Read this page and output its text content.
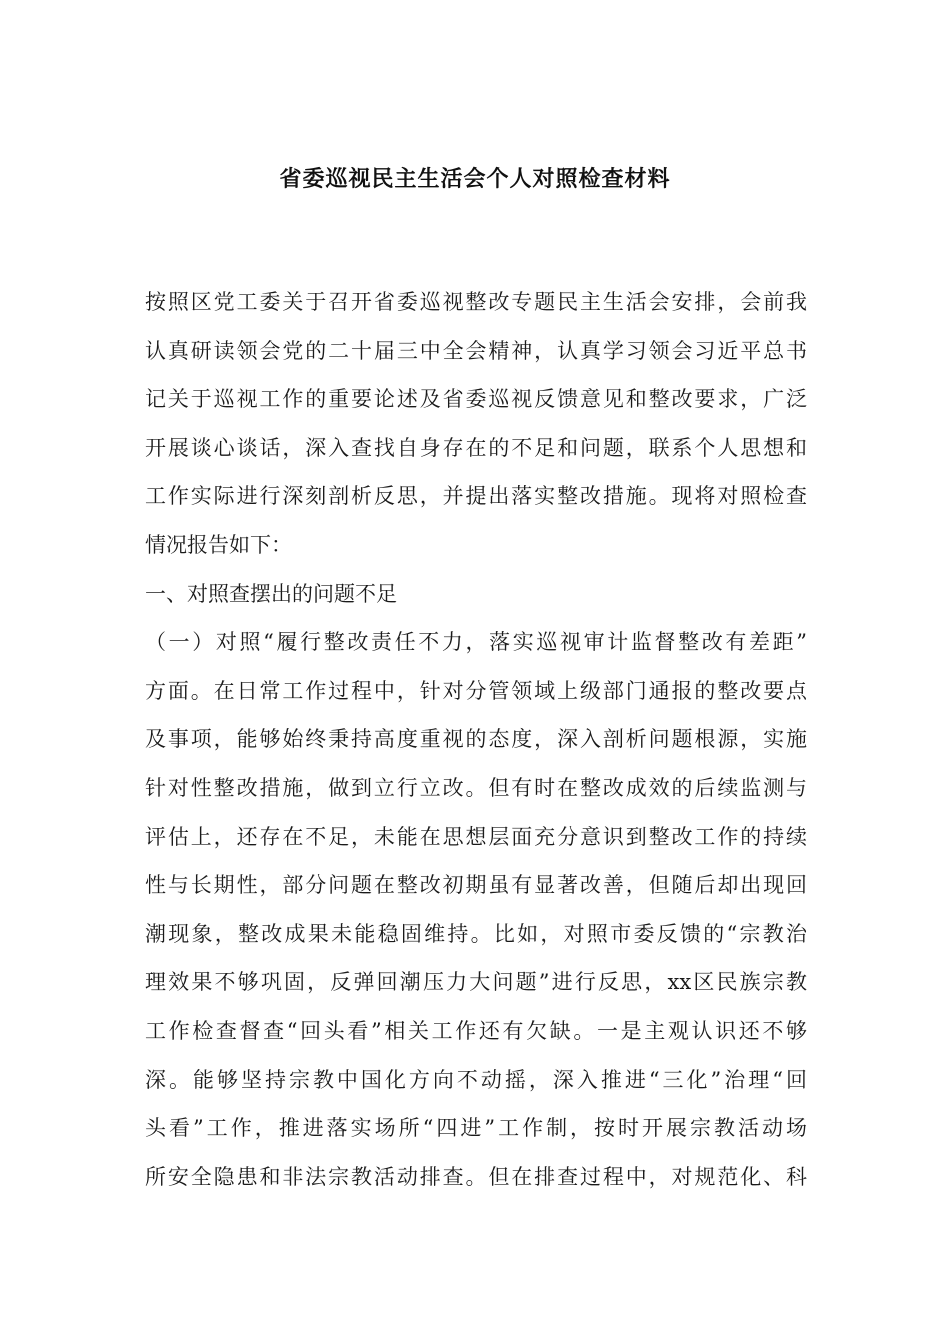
省委巡视民主生活会个人对照检查材料
按照区党工委关于召开省委巡视整改专题民主生活会安排，会前我
认真研读领会党的二十届三中全会精神，认真学习领会习近平总书
记关于巡视工作的重要论述及省委巡视反馈意见和整改要求，广泛
开展谈心谈话，深入查找自身存在的不足和问题，联系个人思想和
工作实际进行深刻剖析反思，并提出落实整改措施。现将对照检查
情况报告如下：
一、对照查摆出的问题不足
（一）对照“履行整改责任不力，落实巡视审计监督整改有差距”
方面。在日常工作过程中，针对分管领域上级部门通报的整改要点
及事项，能够始终秉持高度重视的态度，深入剖析问题根源，实施
针对性整改措施，做到立行立改。但有时在整改成效的后续监测与
评估上，还存在不足，未能在思想层面充分意识到整改工作的持续
性与长期性，部分问题在整改初期虽有显著改善，但随后却出现回
潮现象，整改成果未能稳固维持。比如，对照市委反馈的“宗教治
理效果不够巩固，反弹回潮压力大问题”进行反思，xx区民族宗教
工作检查督查“回头看”相关工作还有欠缺。一是主观认识还不够
深。能够坚持宗教中国化方向不动摇，深入推进“三化”治理“回
头看”工作，推进落实场所“四进”工作制，按时开展宗教活动场
所安全隐患和非法宗教活动排查。但在排查过程中，对规范化、科
